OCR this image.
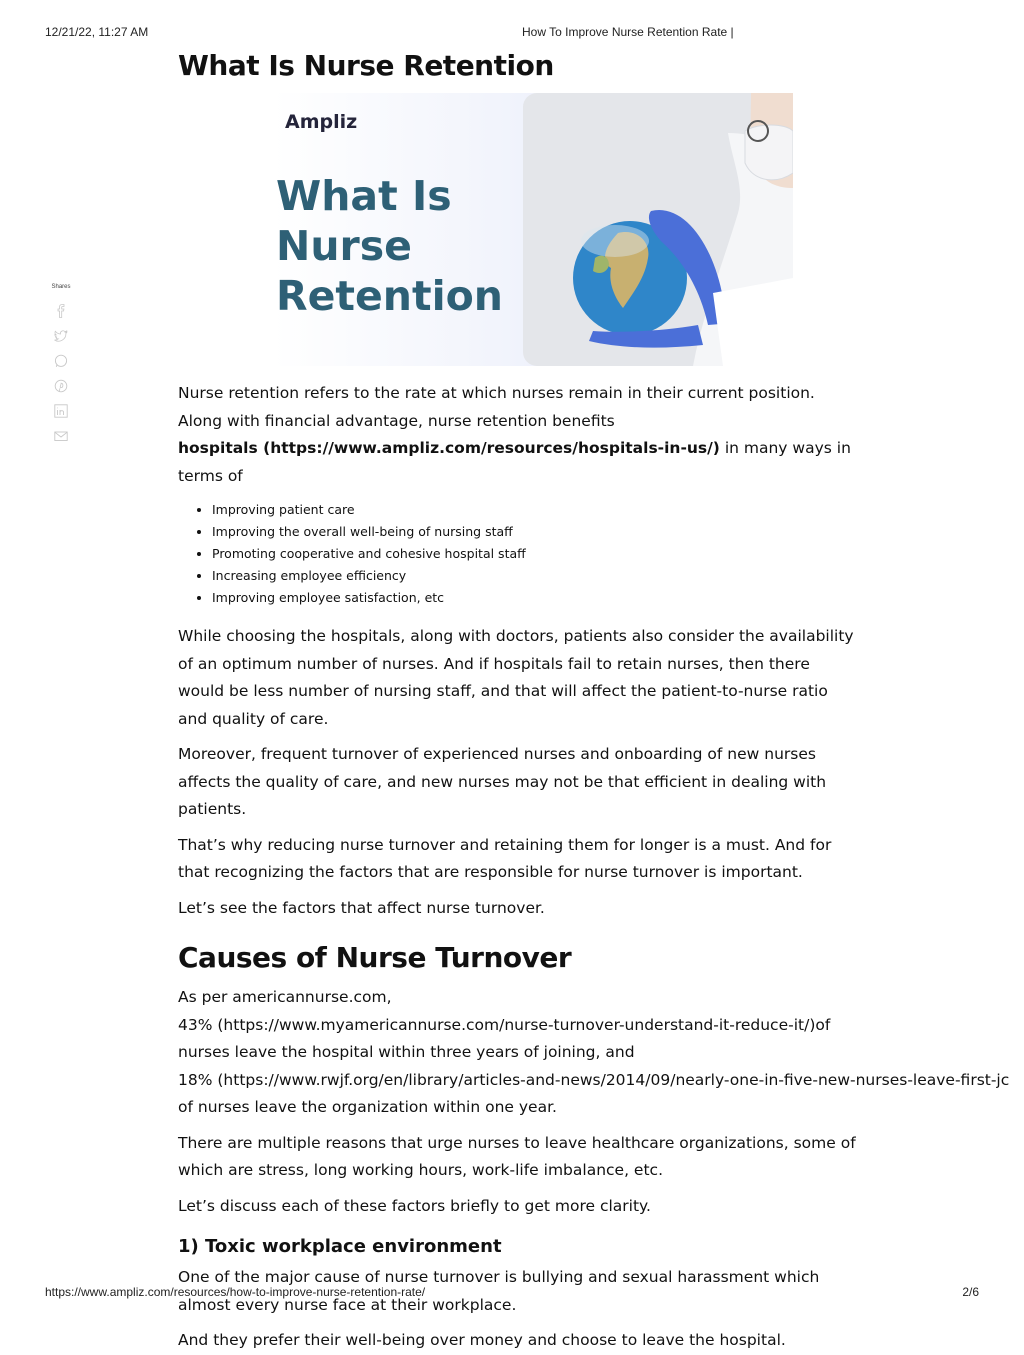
12/21/22, 11:27 AM	How To Improve Nurse Retention Rate |
Shares
What Is Nurse Retention
Ampliz
What Is
Nurse
Retention

Nurse retention refers to the rate at which nurses remain in their current position. Along with financial advantage, nurse retention benefits
hospitals (https://www.ampliz.com/resources/hospitals-in-us/) in many ways in terms of

• Improving patient care
• Improving the overall well-being of nursing staff
• Promoting cooperative and cohesive hospital staff
• Increasing employee efficiency
• Improving employee satisfaction, etc

While choosing the hospitals, along with doctors, patients also consider the availability of an optimum number of nurses. And if hospitals fail to retain nurses, then there would be less number of nursing staff, and that will affect the patient-to-nurse ratio and quality of care.

Moreover, frequent turnover of experienced nurses and onboarding of new nurses affects the quality of care, and new nurses may not be that efficient in dealing with patients.

That’s why reducing nurse turnover and retaining them for longer is a must. And for that recognizing the factors that are responsible for nurse turnover is important.

Let’s see the factors that affect nurse turnover.

Causes of Nurse Turnover

As per americannurse.com,
43% (https://www.myamericannurse.com/nurse-turnover-understand-it-reduce-it/)of
nurses leave the hospital within three years of joining, and
18% (https://www.rwjf.org/en/library/articles-and-news/2014/09/nearly-one-in-five-new-nurses-leave-first-jc
of nurses leave the organization within one year.

There are multiple reasons that urge nurses to leave healthcare organizations, some of which are stress, long working hours, work-life imbalance, etc.

Let’s discuss each of these factors briefly to get more clarity.

1) Toxic workplace environment

One of the major cause of nurse turnover is bullying and sexual harassment which almost every nurse face at their workplace.

And they prefer their well-being over money and choose to leave the hospital.

https://www.ampliz.com/resources/how-to-improve-nurse-retention-rate/	2/6
